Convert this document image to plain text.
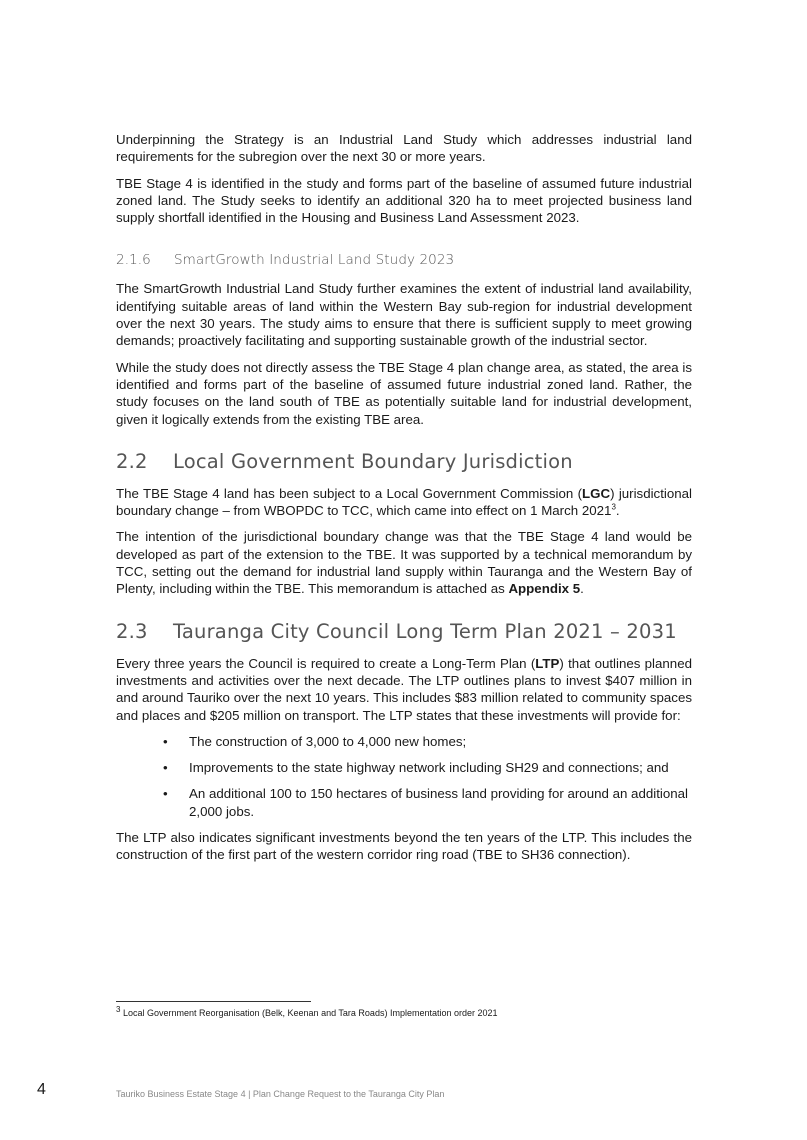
Underpinning the Strategy is an Industrial Land Study which addresses industrial land requirements for the subregion over the next 30 or more years.

TBE Stage 4 is identified in the study and forms part of the baseline of assumed future industrial zoned land. The Study seeks to identify an additional 320 ha to meet projected business land supply shortfall identified in the Housing and Business Land Assessment 2023.

2.1.6 SmartGrowth Industrial Land Study 2023

The SmartGrowth Industrial Land Study further examines the extent of industrial land availability, identifying suitable areas of land within the Western Bay sub-region for industrial development over the next 30 years. The study aims to ensure that there is sufficient supply to meet growing demands; proactively facilitating and supporting sustainable growth of the industrial sector.

While the study does not directly assess the TBE Stage 4 plan change area, as stated, the area is identified and forms part of the baseline of assumed future industrial zoned land. Rather, the study focuses on the land south of TBE as potentially suitable land for industrial development, given it logically extends from the existing TBE area.

2.2 Local Government Boundary Jurisdiction

The TBE Stage 4 land has been subject to a Local Government Commission (LGC) jurisdictional boundary change – from WBOPDC to TCC, which came into effect on 1 March 2021$^3$.

The intention of the jurisdictional boundary change was that the TBE Stage 4 land would be developed as part of the extension to the TBE. It was supported by a technical memorandum by TCC, setting out the demand for industrial land supply within Tauranga and the Western Bay of Plenty, including within the TBE. This memorandum is attached as Appendix 5.

2.3 Tauranga City Council Long Term Plan 2021 – 2031

Every three years the Council is required to create a Long-Term Plan (LTP) that outlines planned investments and activities over the next decade. The LTP outlines plans to invest $407 million in and around Tauriko over the next 10 years. This includes $83 million related to community spaces and places and $205 million on transport. The LTP states that these investments will provide for:

• The construction of 3,000 to 4,000 new homes;
• Improvements to the state highway network including SH29 and connections; and
• An additional 100 to 150 hectares of business land providing for around an additional 2,000 jobs.

The LTP also indicates significant investments beyond the ten years of the LTP. This includes the construction of the first part of the western corridor ring road (TBE to SH36 connection).

$^3$ Local Government Reorganisation (Belk, Keenan and Tara Roads) Implementation order 2021
4	Tauriko Business Estate Stage 4 | Plan Change Request to the Tauranga City Plan
